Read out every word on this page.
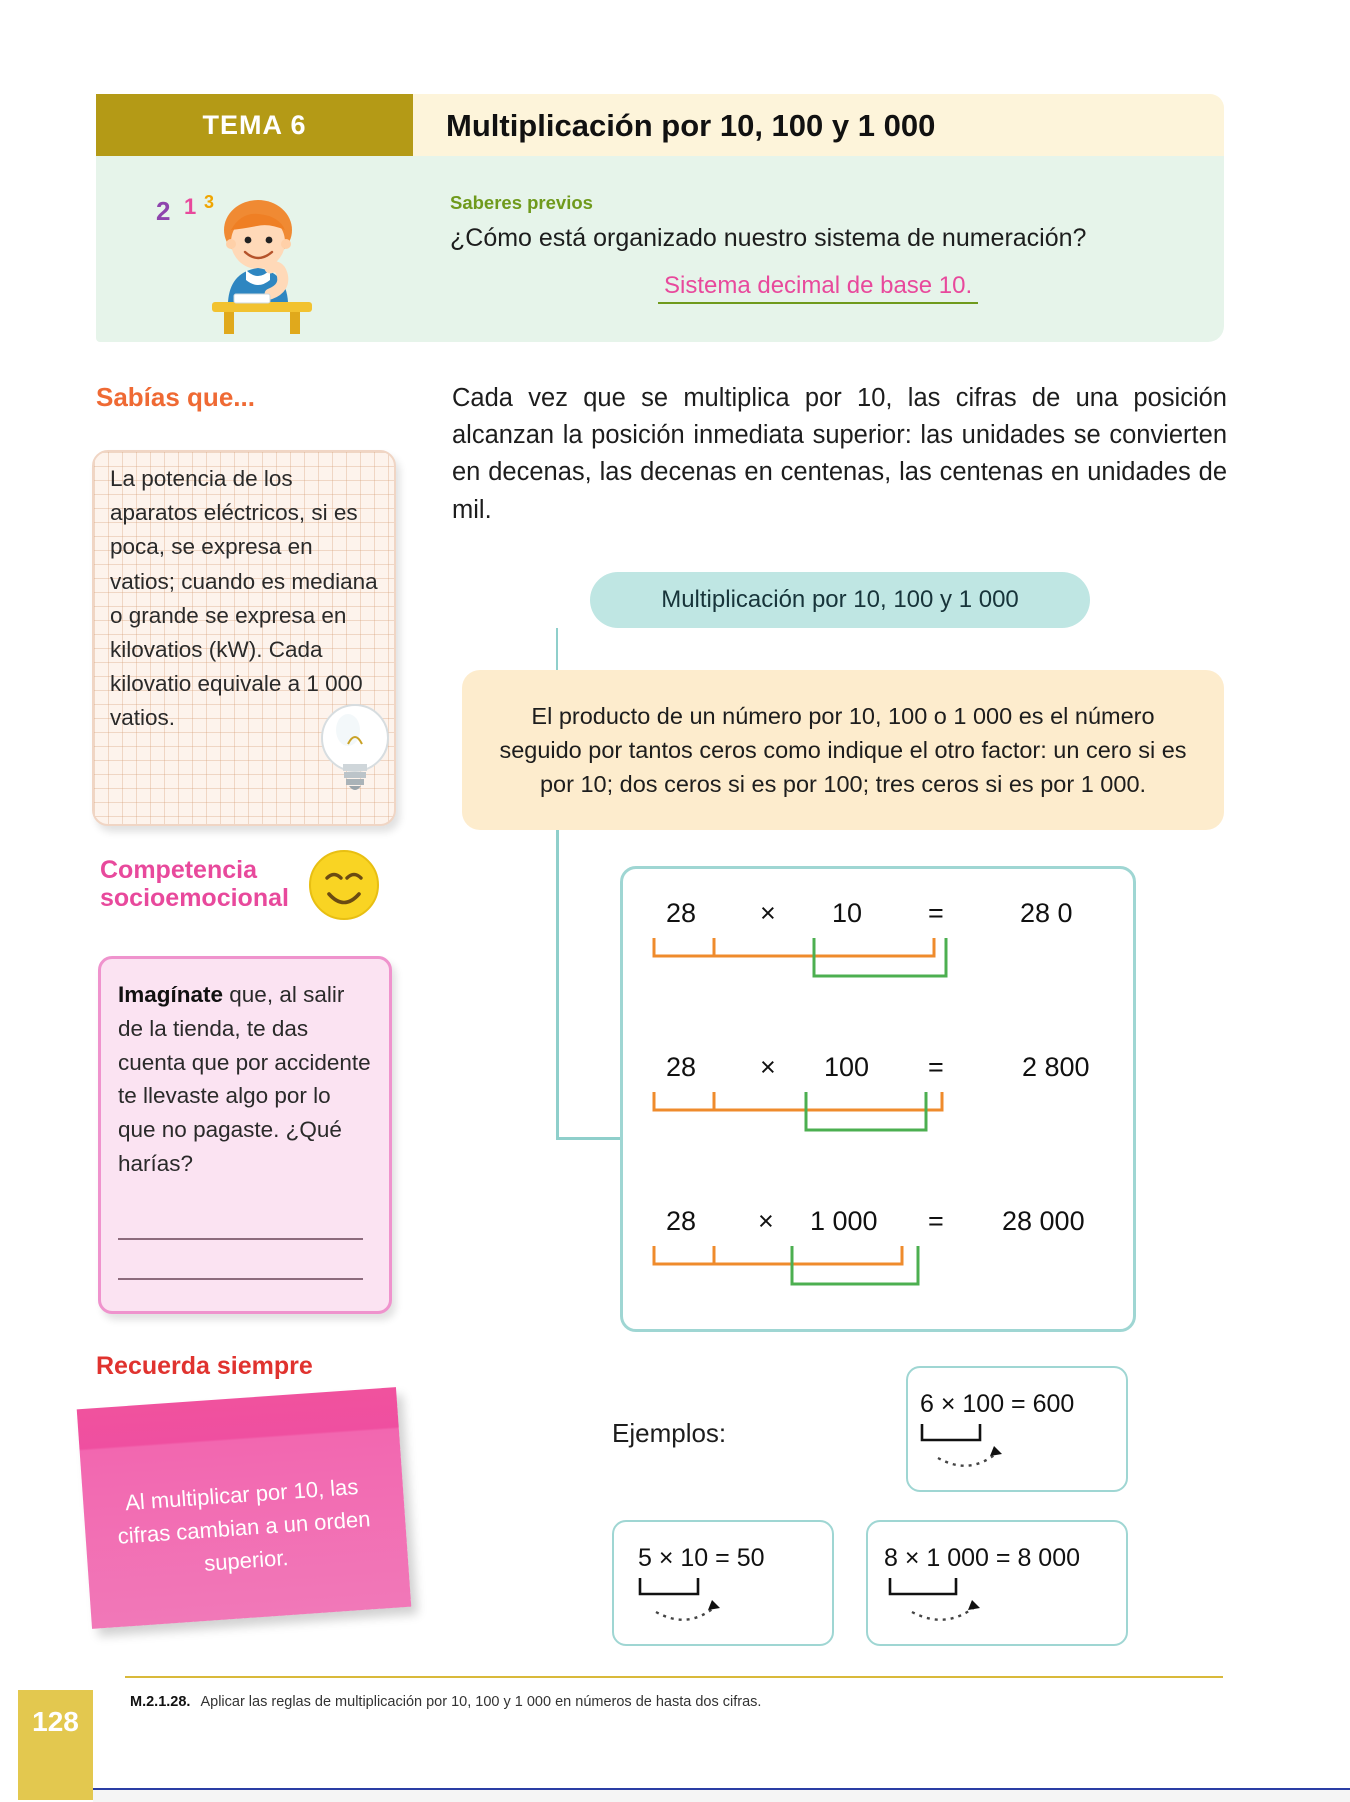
TEMA 6	Multiplicación por 10, 100 y 1 000
Saberes previos
¿Cómo está organizado nuestro sistema de numeración?
Sistema decimal de base 10.
2 1 3
Sabías que...
La potencia de los aparatos eléctricos, si es poca, se expresa en vatios; cuando es mediana o grande se expresa en kilovatios (kW). Cada kilovatio equivale a 1 000 vatios.
Competencia
socioemocional
Imagínate que, al salir de la tienda, te das cuenta que por accidente te llevaste algo por lo que no pagaste. ¿Qué harías?
Recuerda siempre
Al multiplicar por 10, las cifras cambian a un orden superior.
Cada vez que se multiplica por 10, las cifras de una posición alcanzan la posición inmediata superior: las unidades se convierten en decenas, las decenas en centenas, las centenas en unidades de mil.
Multiplicación por 10, 100 y 1 000

El producto de un número por 10, 100 o 1 000 es el número seguido por tantos ceros como indique el otro factor: un cero si es por 10; dos ceros si es por 100; tres ceros si es por 1 000.

28 × 10 =	28 0
28 × 100 =	2 800
28 × 1 000 = 28 000
Ejemplos:
6 × 100 = 600
5 × 10 = 50	8 × 1 000 = 8 000
M.2.1.28. Aplicar las reglas de multiplicación por 10, 100 y 1 000 en números de hasta dos cifras.
128
